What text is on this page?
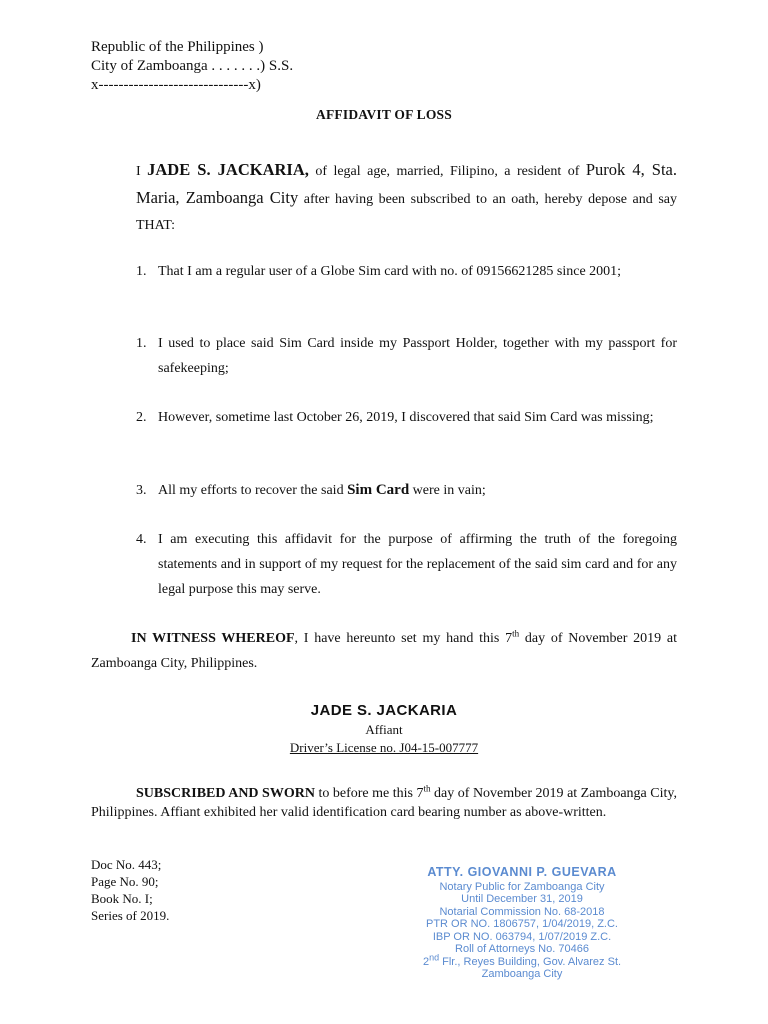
Republic of the Philippines )
City of Zamboanga . . . . . . .) S.S.
x------------------------------x)
AFFIDAVIT OF LOSS
I JADE S. JACKARIA, of legal age, married, Filipino, a resident of Purok 4, Sta. Maria, Zamboanga City after having been subscribed to an oath, hereby depose and say THAT:
1. That I am a regular user of a Globe Sim card with no. of 09156621285 since 2001;
1. I used to place said Sim Card inside my Passport Holder, together with my passport for safekeeping;
2. However, sometime last October 26, 2019, I discovered that said Sim Card was missing;
3. All my efforts to recover the said Sim Card were in vain;
4. I am executing this affidavit for the purpose of affirming the truth of the foregoing statements and in support of my request for the replacement of the said sim card and for any legal purpose this may serve.
IN WITNESS WHEREOF, I have hereunto set my hand this 7th day of November 2019 at Zamboanga City, Philippines.
JADE S. JACKARIA
Affiant
Driver’s License no. J04-15-007777
SUBSCRIBED AND SWORN to before me this 7th day of November 2019 at Zamboanga City, Philippines. Affiant exhibited her valid identification card bearing number as above-written.
Doc No. 443;
Page No. 90;
Book No. I;
Series of 2019.
ATTY. GIOVANNI P. GUEVARA
Notary Public for Zamboanga City
Until December 31, 2019
Notarial Commission No. 68-2018
PTR OR NO. 1806757, 1/04/2019, Z.C.
IBP OR NO. 063794, 1/07/2019 Z.C.
Roll of Attorneys No. 70466
2nd Flr., Reyes Building, Gov. Alvarez St.
Zamboanga City
